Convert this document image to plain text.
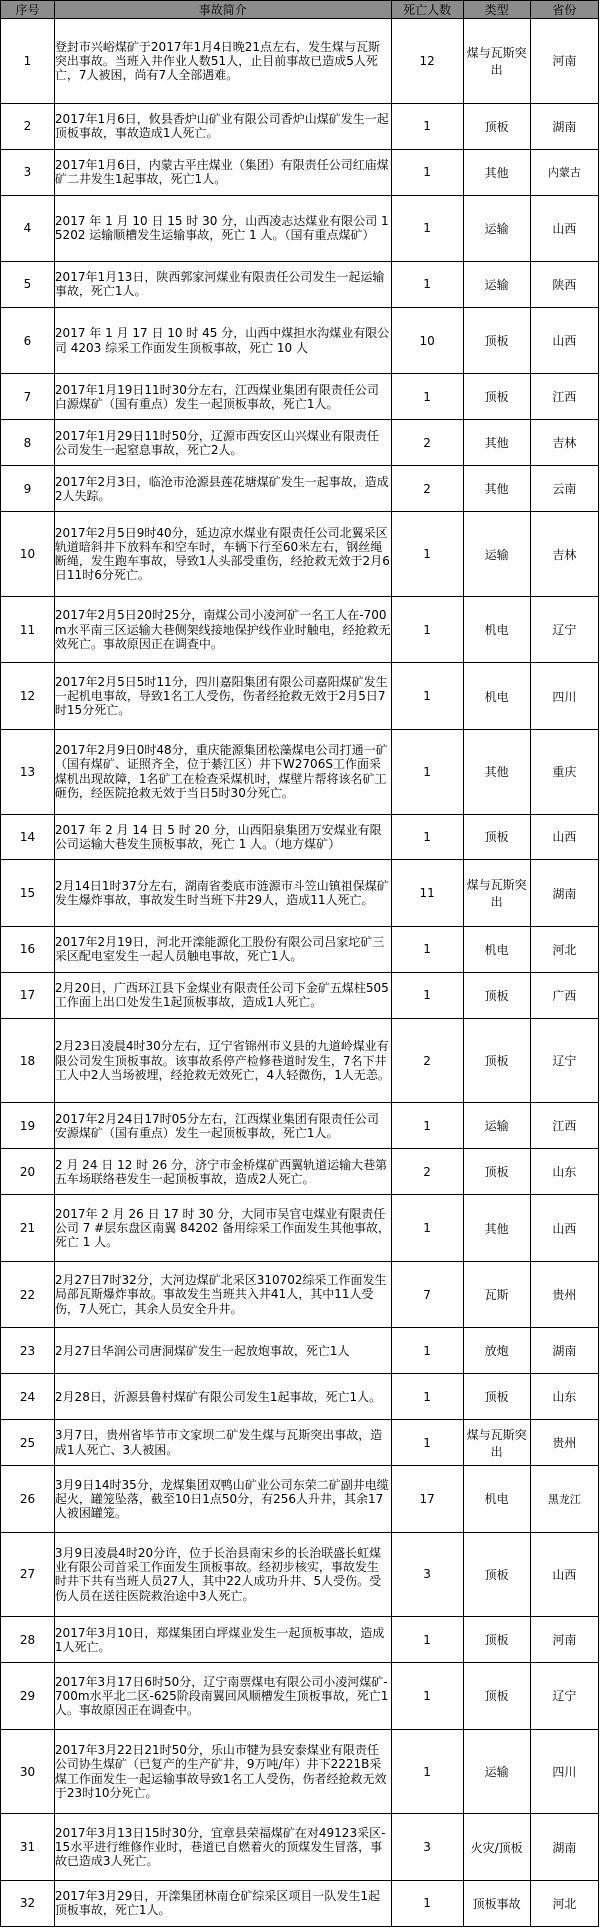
序号	事故简介	死亡人数	类型	省份
1	登封市兴峪煤矿于2017年1月4日晚21点左右，发生煤与瓦斯突出事故。当班入井作业人数51人，止目前事故已造成5人死亡，7人被困，尚有7人全部遇难。	12	煤与瓦斯突出	河南
2	2017年1月6日，攸县香炉山矿业有限公司香炉山煤矿发生一起顶板事故，事故造成1人死亡。	1	顶板	湖南
3	2017年1月6日，内蒙古平庄煤业（集团）有限责任公司红庙煤矿二井发生1起事故，死亡1人。	1	其他	内蒙古
4	2017 年 1 月 10 日 15 时 30 分，山西凌志达煤业有限公司 15202 运输顺槽发生运输事故，死亡 1 人。（国有重点煤矿）	1	运输	山西
5	2017年1月13日，陕西郭家河煤业有限责任公司发生一起运输事故，死亡1人。	1	运输	陕西
6	2017 年 1 月 17 日 10 时 45 分，山西中煤担水沟煤业有限公司 4203 综采工作面发生顶板事故，死亡 10 人	10	顶板	山西
7	2017年1月19日11时30分左右，江西煤业集团有限责任公司白源煤矿（国有重点）发生一起顶板事故，死亡1人。	1	顶板	江西
8	2017年1月29日11时50分，辽源市西安区山兴煤业有限责任公司发生一起窒息事故，死亡2人。	2	其他	吉林
9	2017年2月3日，临沧市沧源县莲花塘煤矿发生一起事故，造成2人失踪。	2	其他	云南
10	2017年2月5日9时40分，延边凉水煤业有限责任公司北翼采区轨道暗斜井下放料车和空车时，车辆下行至60米左右，钢丝绳断绳，发生跑车事故，导致1人头部受重伤，经抢救无效于2月6日11时6分死亡。	1	运输	吉林
11	2017年2月5日20时25分，南煤公司小凌河矿一名工人在-700m水平南三区运输大巷侧架线接地保护线作业时触电，经抢救无效死亡。事故原因正在调查中。	1	机电	辽宁
12	2017年2月5日5时11分，四川嘉阳集团有限公司嘉阳煤矿发生一起机电事故，导致1名工人受伤，伤者经抢救无效于2月5日7时15分死亡。	1	机电	四川
13	2017年2月9日0时48分，重庆能源集团松藻煤电公司打通一矿（国有煤矿、证照齐全，位于綦江区）井下W2706S工作面采煤机出现故障，1名矿工在检查采煤机时，煤壁片帮将该名矿工砸伤，经医院抢救无效于当日5时30分死亡。	1	其他	重庆
14	2017 年 2 月 14 日 5 时 20 分，山西阳泉集团万安煤业有限公司运输大巷发生顶板事故，死亡 1 人。（地方煤矿）	1	顶板	山西
15	2月14日1时37分左右，湖南省娄底市涟源市斗笠山镇祖保煤矿发生爆炸事故，事故发生时当班下井29人，造成11人死亡。	11	煤与瓦斯突出	湖南
16	2017年2月19日，河北开滦能源化工股份有限公司吕家坨矿三采区配电室发生一起人员触电事故，死亡1人。	1	机电	河北
17	2月20日，广西环江县下金煤业有限责任公司下金矿五煤柱505工作面上出口处发生1起顶板事故，造成1人死亡。	1	顶板	广西
18	2月23日凌晨4时30分左右，辽宁省锦州市义县的九道岭煤业有限公司发生顶板事故。该事故系停产检修巷道时发生，7名下井工人中2人当场被埋，经抢救无效死亡，4人轻微伤，1人无恙。	2	顶板	辽宁
19	2017年2月24日17时05分左右，江西煤业集团有限责任公司安源煤矿（国有重点）发生一起顶板事故，死亡1人。	1	运输	江西
20	2 月 24 日 12 时 26 分，济宁市金桥煤矿西翼轨道运输大巷第五车场联络巷发生一起顶板事故，造成2人死亡。	2	顶板	山东
21	2017年 2 月 26 日 17 时 30 分，大同市吴官屯煤业有限责任公司 7 #层东盘区南翼 84202 备用综采工作面发生其他事故，死亡 1 人。	1	其他	山西
22	2月27日7时32分，大河边煤矿北采区310702综采工作面发生局部瓦斯爆炸事故。事故发生当班共入井41人，其中11人受伤，7人死亡，其余人员安全升井。	7	瓦斯	贵州
23	2月27日华润公司唐洞煤矿发生一起放炮事故，死亡1人	1	放炮	湖南
24	2月28日，沂源县鲁村煤矿有限公司发生1起事故，死亡1人。	1	顶板	山东
25	3月7日，贵州省毕节市文家坝二矿发生煤与瓦斯突出事故，造成1人死亡、3人被困。	1	煤与瓦斯突出	贵州
26	3月9日14时35分，龙煤集团双鸭山矿业公司东荣二矿副井电缆起火，罐笼坠落，截至10日1点50分，有256人升井，其余17人被困罐笼。	17	机电	黑龙江
27	3月9日凌晨4时20分许，位于长治县南宋乡的长治联盛长虹煤业有限公司首采工作面发生顶板事故。经初步核实，事故发生时井下共有当班人员27人，其中22人成功升井、5人受伤。受伤人员在送往医院救治途中3人死亡。	3	顶板	山西
28	2017年3月10日，郑煤集团白坪煤业发生一起顶板事故，造成1人死亡。	1	顶板	河南
29	2017年3月17日6时50分，辽宁南票煤电有限公司小凌河煤矿-700m水平北二区-625阶段南翼回风顺槽发生顶板事故，死亡1人。事故原因正在调查中。	1	顶板	辽宁
30	2017年3月22日21时50分，乐山市犍为县安泰煤业有限责任公司协生煤矿（已复产的生产矿井，9万吨/年）井下2221B采煤工作面发生一起运输事故导致1名工人受伤，伤者经抢救无效于23时10分死亡。	1	运输	四川
31	2017年3月13日15时30分，宜章县荣福煤矿在对49123采区-15水平进行维修作业时，巷道已自燃着火的顶煤发生冒落，事故已造成3人死亡。	3	火灾/顶板	湖南
32	2017年3月29日，开滦集团林南仓矿综采区项目一队发生1起顶板事故，死亡1人。	1	顶板事故	河北
